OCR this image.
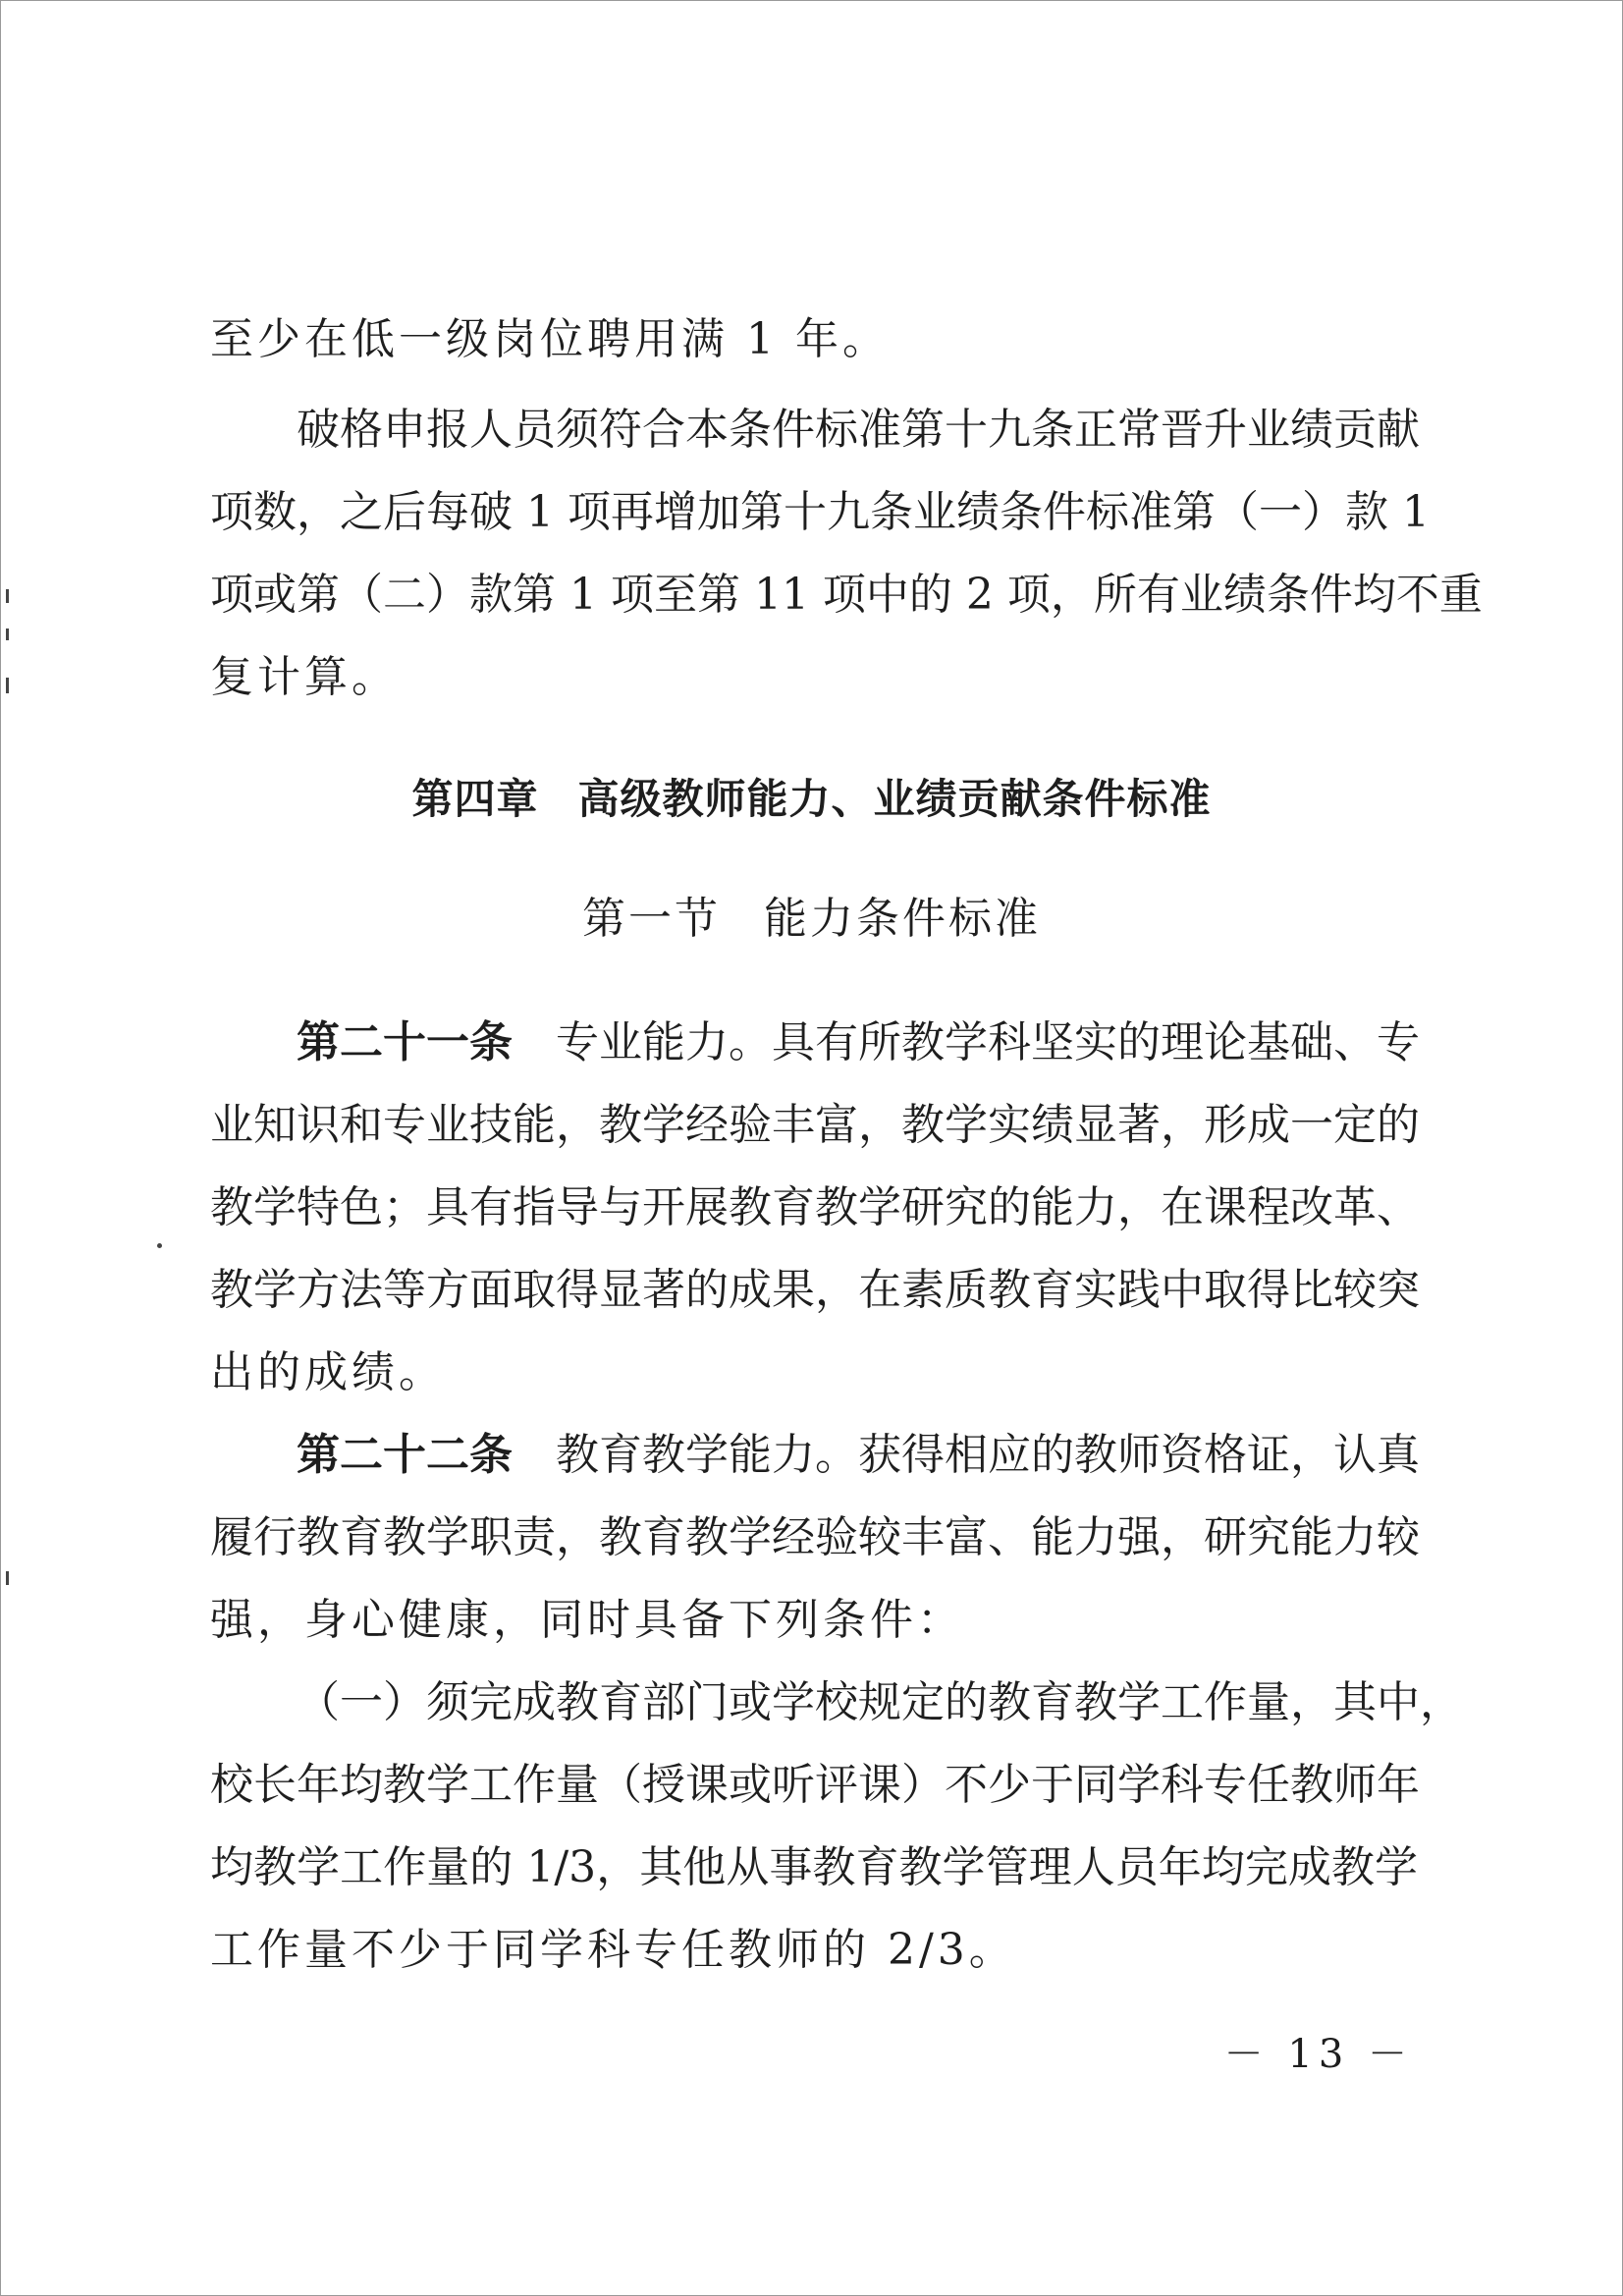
至少在低一级岗位聘用满 1 年。
破格申报人员须符合本条件标准第十九条正常晋升业绩贡献
项数，之后每破 1 项再增加第十九条业绩条件标准第（一）款 1
项或第（二）款第 1 项至第 11 项中的 2 项，所有业绩条件均不重
复计算。
第四章 高级教师能力、业绩贡献条件标准
第一节 能力条件标准
第二十一条 专业能力。具有所教学科坚实的理论基础、专
业知识和专业技能，教学经验丰富，教学实绩显著，形成一定的
教学特色；具有指导与开展教育教学研究的能力，在课程改革、
教学方法等方面取得显著的成果，在素质教育实践中取得比较突
出的成绩。
第二十二条 教育教学能力。获得相应的教师资格证，认真
履行教育教学职责，教育教学经验较丰富、能力强，研究能力较
强，身心健康，同时具备下列条件：
（一）须完成教育部门或学校规定的教育教学工作量，其中，
校长年均教学工作量（授课或听评课）不少于同学科专任教师年
均教学工作量的 1/3，其他从事教育教学管理人员年均完成教学
工作量不少于同学科专任教师的 2/3。
－ 13 －
